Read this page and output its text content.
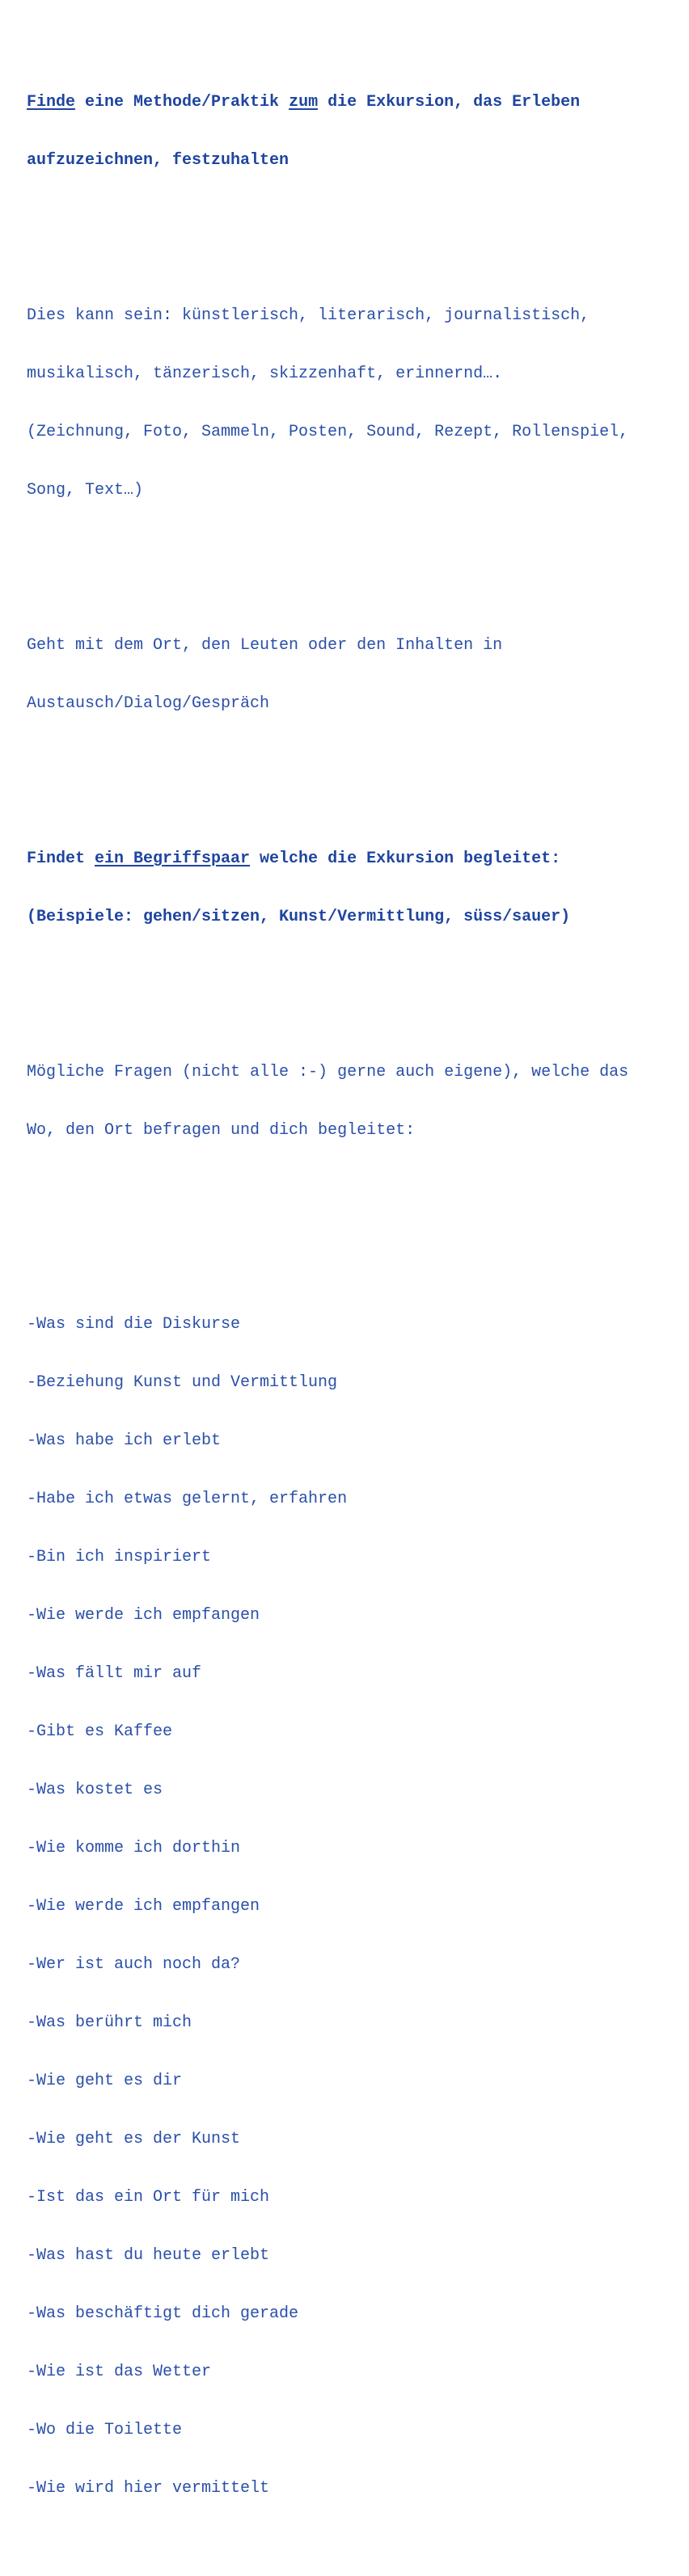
Finde eine Methode/Praktik zum die Exkursion, das Erleben

aufzuzeichnen, festzuhalten

Dies kann sein: künstlerisch, literarisch, journalistisch,

musikalisch, tänzerisch, skizzenhaft, erinnernd….

(Zeichnung, Foto, Sammeln, Posten, Sound, Rezept, Rollenspiel,

Song, Text…)

Geht mit dem Ort, den Leuten oder den Inhalten in

Austausch/Dialog/Gespräch

Findet ein Begriffspaar welche die Exkursion begleitet:

(Beispiele: gehen/sitzen, Kunst/Vermittlung, süss/sauer)

Mögliche Fragen (nicht alle :-) gerne auch eigene), welche das

Wo, den Ort befragen und dich begleitet:

-Was sind die Diskurse

-Beziehung Kunst und Vermittlung

-Was habe ich erlebt

-Habe ich etwas gelernt, erfahren

-Bin ich inspiriert

-Wie werde ich empfangen

-Was fällt mir auf

-Gibt es Kaffee

-Was kostet es

-Wie komme ich dorthin

-Wie werde ich empfangen

-Wer ist auch noch da?

-Was berührt mich

-Wie geht es dir

-Wie geht es der Kunst

-Ist das ein Ort für mich

-Was hast du heute erlebt

-Was beschäftigt dich gerade

-Wie ist das Wetter

-Wo die Toilette

-Wie wird hier vermittelt
